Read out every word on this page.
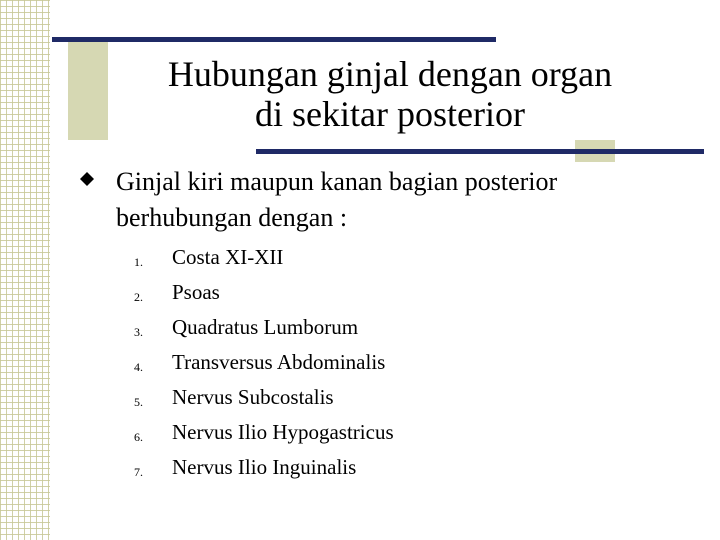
Hubungan ginjal dengan organ
di sekitar posterior
Ginjal kiri maupun kanan bagian posterior
berhubungan dengan :
1. Costa XI-XII
2. Psoas
3. Quadratus Lumborum
4. Transversus Abdominalis
5. Nervus Subcostalis
6. Nervus Ilio Hypogastricus
7. Nervus Ilio Inguinalis
